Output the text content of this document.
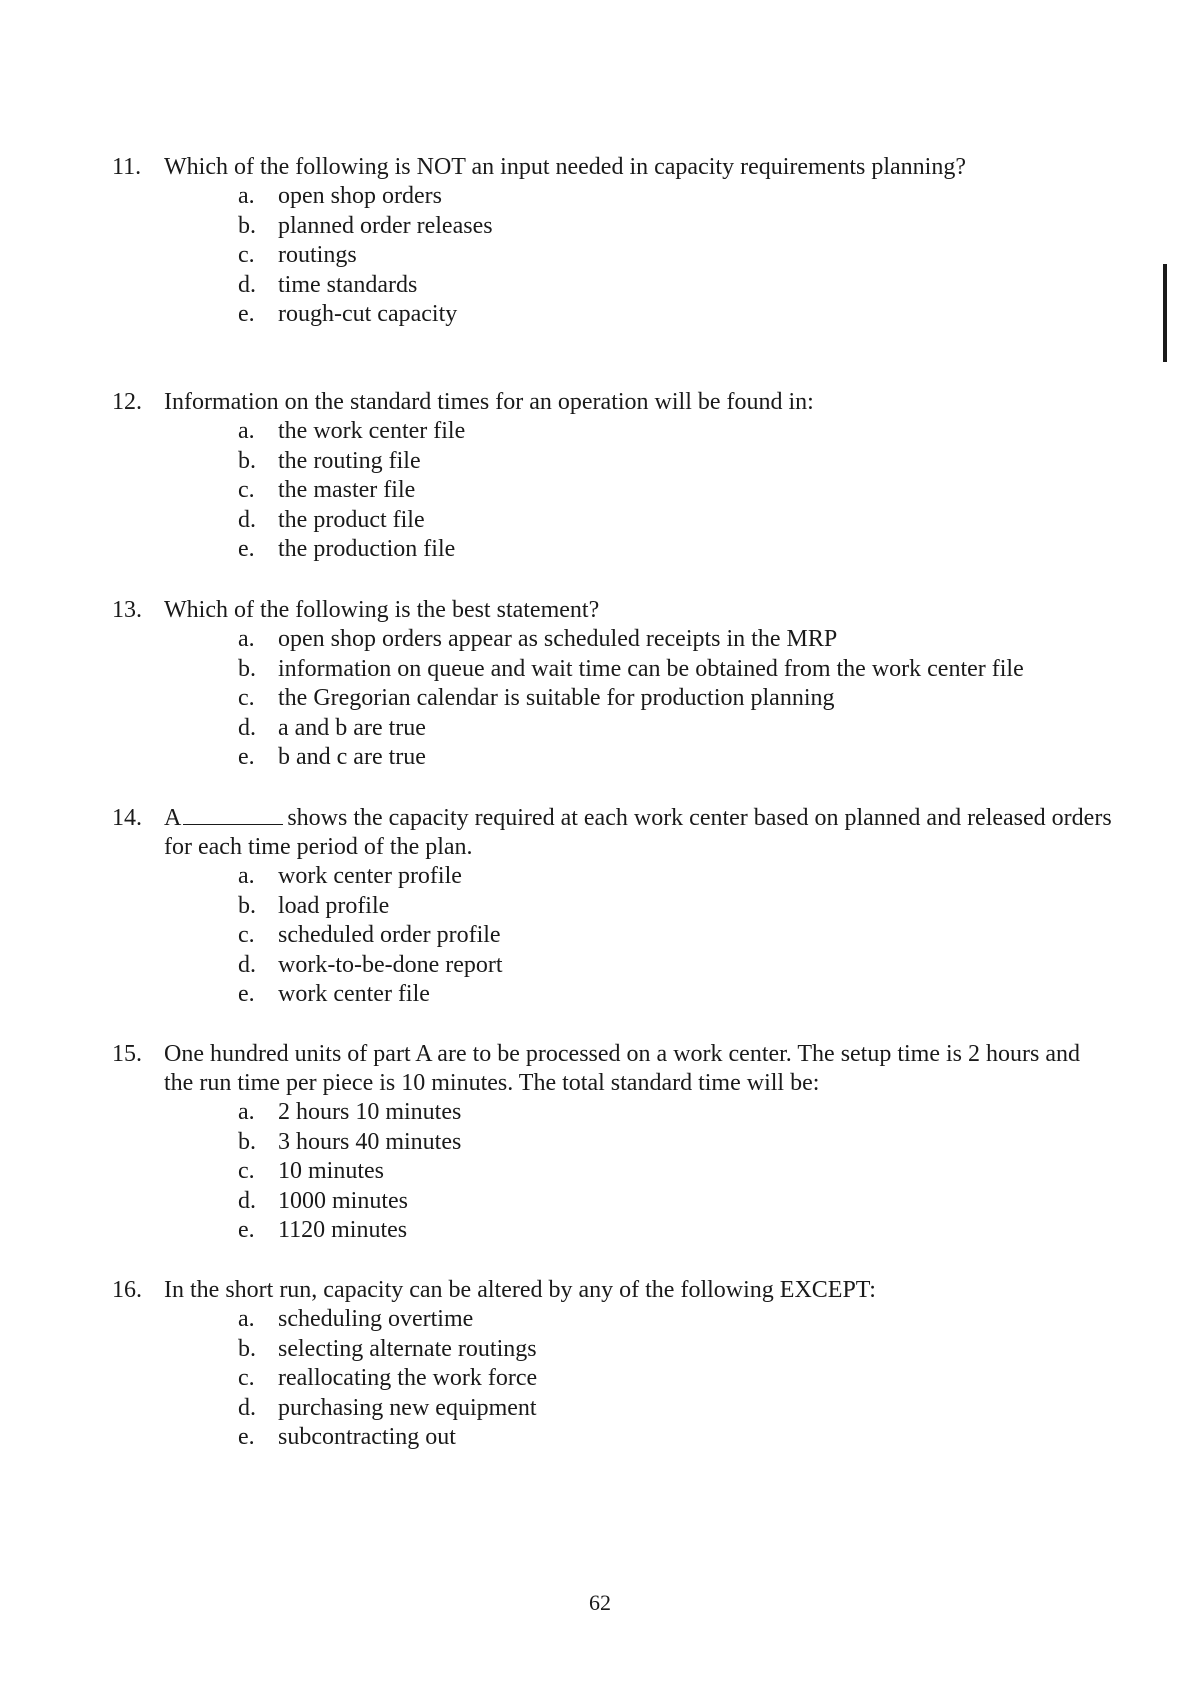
11. Which of the following is NOT an input needed in capacity requirements planning?
a. open shop orders
b. planned order releases
c. routings
d. time standards
e. rough-cut capacity
12. Information on the standard times for an operation will be found in:
a. the work center file
b. the routing file
c. the master file
d. the product file
e. the production file
13. Which of the following is the best statement?
a. open shop orders appear as scheduled receipts in the MRP
b. information on queue and wait time can be obtained from the work center file
c. the Gregorian calendar is suitable for production planning
d. a and b are true
e. b and c are true
14. A	shows the capacity required at each work center based on planned and released orders for each time period of the plan.
a. work center profile
b. load profile
c. scheduled order profile
d. work-to-be-done report
e. work center file
15. One hundred units of part A are to be processed on a work center. The setup time is 2 hours and the run time per piece is 10 minutes. The total standard time will be:
a. 2 hours 10 minutes
b. 3 hours 40 minutes
c. 10 minutes
d. 1000 minutes
e. 1120 minutes
16. In the short run, capacity can be altered by any of the following EXCEPT:
a. scheduling overtime
b. selecting alternate routings
c. reallocating the work force
d. purchasing new equipment
e. subcontracting out
62
